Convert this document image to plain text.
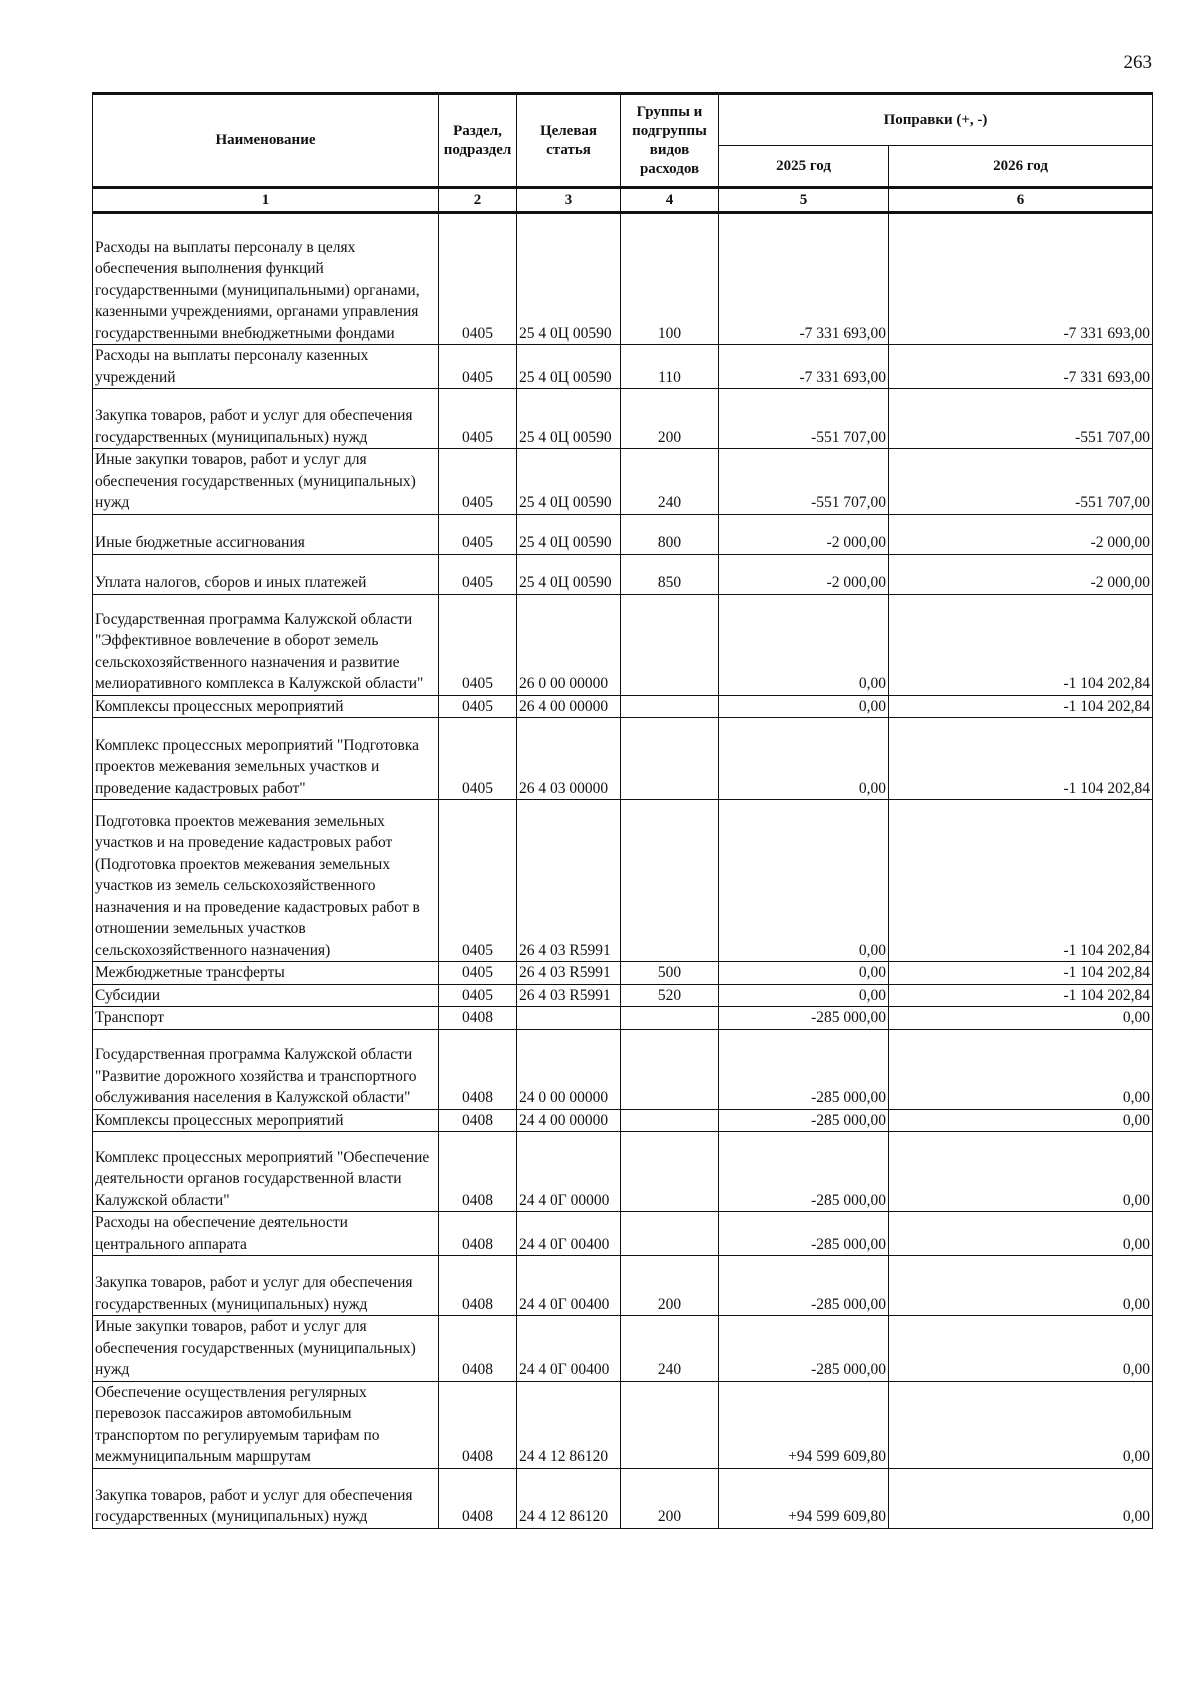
263
Наименование	Раздел, подраздел	Целевая статья	Группы и подгруппы видов расходов	Поправки (+, -)	
				2025 год	2026 год
1	2	3	4	5	6
Расходы на выплаты персоналу в целях обеспечения выполнения функций государственными (муниципальными) органами, казенными учреждениями, органами управления государственными внебюджетными фондами	0405	25 4 0Ц 00590	100	-7 331 693,00	-7 331 693,00
Расходы на выплаты персоналу казенных учреждений	0405	25 4 0Ц 00590	110	-7 331 693,00	-7 331 693,00
Закупка товаров, работ и услуг для обеспечения государственных (муниципальных) нужд	0405	25 4 0Ц 00590	200	-551 707,00	-551 707,00
Иные закупки товаров, работ и услуг для обеспечения государственных (муниципальных) нужд	0405	25 4 0Ц 00590	240	-551 707,00	-551 707,00
Иные бюджетные ассигнования	0405	25 4 0Ц 00590	800	-2 000,00	-2 000,00
Уплата налогов, сборов и иных платежей	0405	25 4 0Ц 00590	850	-2 000,00	-2 000,00
Государственная программа Калужской области "Эффективное вовлечение в оборот земель сельскохозяйственного назначения и развитие мелиоративного комплекса в Калужской области"	0405	26 0 00 00000		0,00	-1 104 202,84
Комплексы процессных мероприятий	0405	26 4 00 00000		0,00	-1 104 202,84
Комплекс процессных мероприятий "Подготовка проектов межевания земельных участков и проведение кадастровых работ"	0405	26 4 03 00000		0,00	-1 104 202,84
Подготовка проектов межевания земельных участков и на проведение кадастровых работ (Подготовка проектов межевания земельных участков из земель сельскохозяйственного назначения и на проведение кадастровых работ в отношении земельных участков сельскохозяйственного назначения)	0405	26 4 03 R5991		0,00	-1 104 202,84
Межбюджетные трансферты	0405	26 4 03 R5991	500	0,00	-1 104 202,84
Субсидии	0405	26 4 03 R5991	520	0,00	-1 104 202,84
Транспорт	0408			-285 000,00	0,00
Государственная программа Калужской области "Развитие дорожного хозяйства и транспортного обслуживания населения в Калужской области"	0408	24 0 00 00000		-285 000,00	0,00
Комплексы процессных мероприятий	0408	24 4 00 00000		-285 000,00	0,00
Комплекс процессных мероприятий "Обеспечение деятельности органов государственной власти Калужской области"	0408	24 4 0Г 00000		-285 000,00	0,00
Расходы на обеспечение деятельности центрального аппарата	0408	24 4 0Г 00400		-285 000,00	0,00
Закупка товаров, работ и услуг для обеспечения государственных (муниципальных) нужд	0408	24 4 0Г 00400	200	-285 000,00	0,00
Иные закупки товаров, работ и услуг для обеспечения государственных (муниципальных) нужд	0408	24 4 0Г 00400	240	-285 000,00	0,00
Обеспечение осуществления регулярных перевозок пассажиров автомобильным транспортом по регулируемым тарифам по межмуниципальным маршрутам	0408	24 4 12 86120		+94 599 609,80	0,00
Закупка товаров, работ и услуг для обеспечения государственных (муниципальных) нужд	0408	24 4 12 86120	200	+94 599 609,80	0,00
